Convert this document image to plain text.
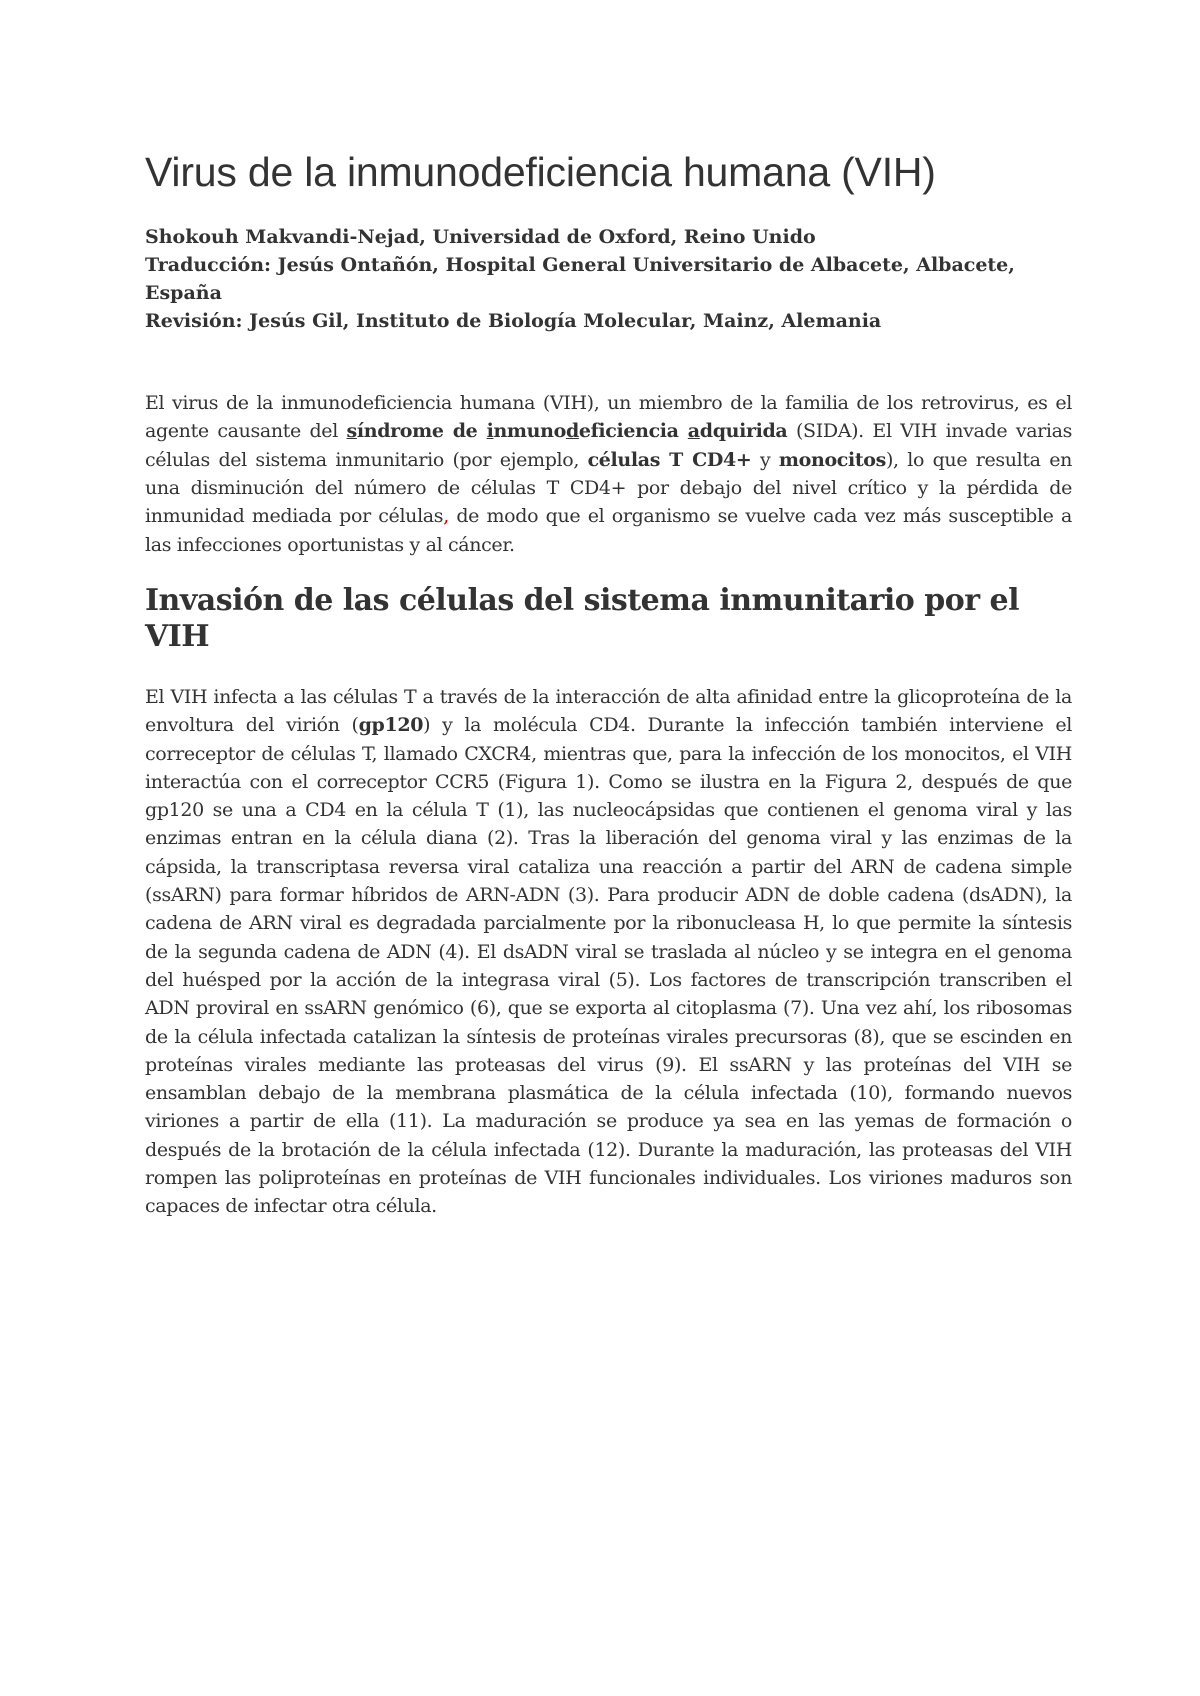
Virus de la inmunodeficiencia humana (VIH)
Shokouh Makvandi-Nejad, Universidad de Oxford, Reino Unido
Traducción: Jesús Ontañón, Hospital General Universitario de Albacete, Albacete, España
Revisión: Jesús Gil, Instituto de Biología Molecular, Mainz, Alemania

El virus de la inmunodeficiencia humana (VIH), un miembro de la familia de los retrovirus, es el agente causante del síndrome de inmunodeficiencia adquirida (SIDA). El VIH invade varias células del sistema inmunitario (por ejemplo, células T CD4+ y monocitos), lo que resulta en una disminución del número de células T CD4+ por debajo del nivel crítico y la pérdida de inmunidad mediada por células, de modo que el organismo se vuelve cada vez más susceptible a las infecciones oportunistas y al cáncer.

Invasión de las células del sistema inmunitario por el VIH

El VIH infecta a las células T a través de la interacción de alta afinidad entre la glicoproteína de la envoltura del virión (gp120) y la molécula CD4. Durante la infección también interviene el correceptor de células T, llamado CXCR4, mientras que, para la infección de los monocitos, el VIH interactúa con el correceptor CCR5 (Figura 1). Como se ilustra en la Figura 2, después de que gp120 se una a CD4 en la célula T (1), las nucleocápsidas que contienen el genoma viral y las enzimas entran en la célula diana (2). Tras la liberación del genoma viral y las enzimas de la cápsida, la transcriptasa reversa viral cataliza una reacción a partir del ARN de cadena simple (ssARN) para formar híbridos de ARN-ADN (3). Para producir ADN de doble cadena (dsADN), la cadena de ARN viral es degradada parcialmente por la ribonucleasa H, lo que permite la síntesis de la segunda cadena de ADN (4). El dsADN viral se traslada al núcleo y se integra en el genoma del huésped por la acción de la integrasa viral (5). Los factores de transcripción transcriben el ADN proviral en ssARN genómico (6), que se exporta al citoplasma (7). Una vez ahí, los ribosomas de la célula infectada catalizan la síntesis de proteínas virales precursoras (8), que se escinden en proteínas virales mediante las proteasas del virus (9). El ssARN y las proteínas del VIH se ensamblan debajo de la membrana plasmática de la célula infectada (10), formando nuevos viriones a partir de ella (11). La maduración se produce ya sea en las yemas de formación o después de la brotación de la célula infectada (12). Durante la maduración, las proteasas del VIH rompen las poliproteínas en proteínas de VIH funcionales individuales. Los viriones maduros son capaces de infectar otra célula.
